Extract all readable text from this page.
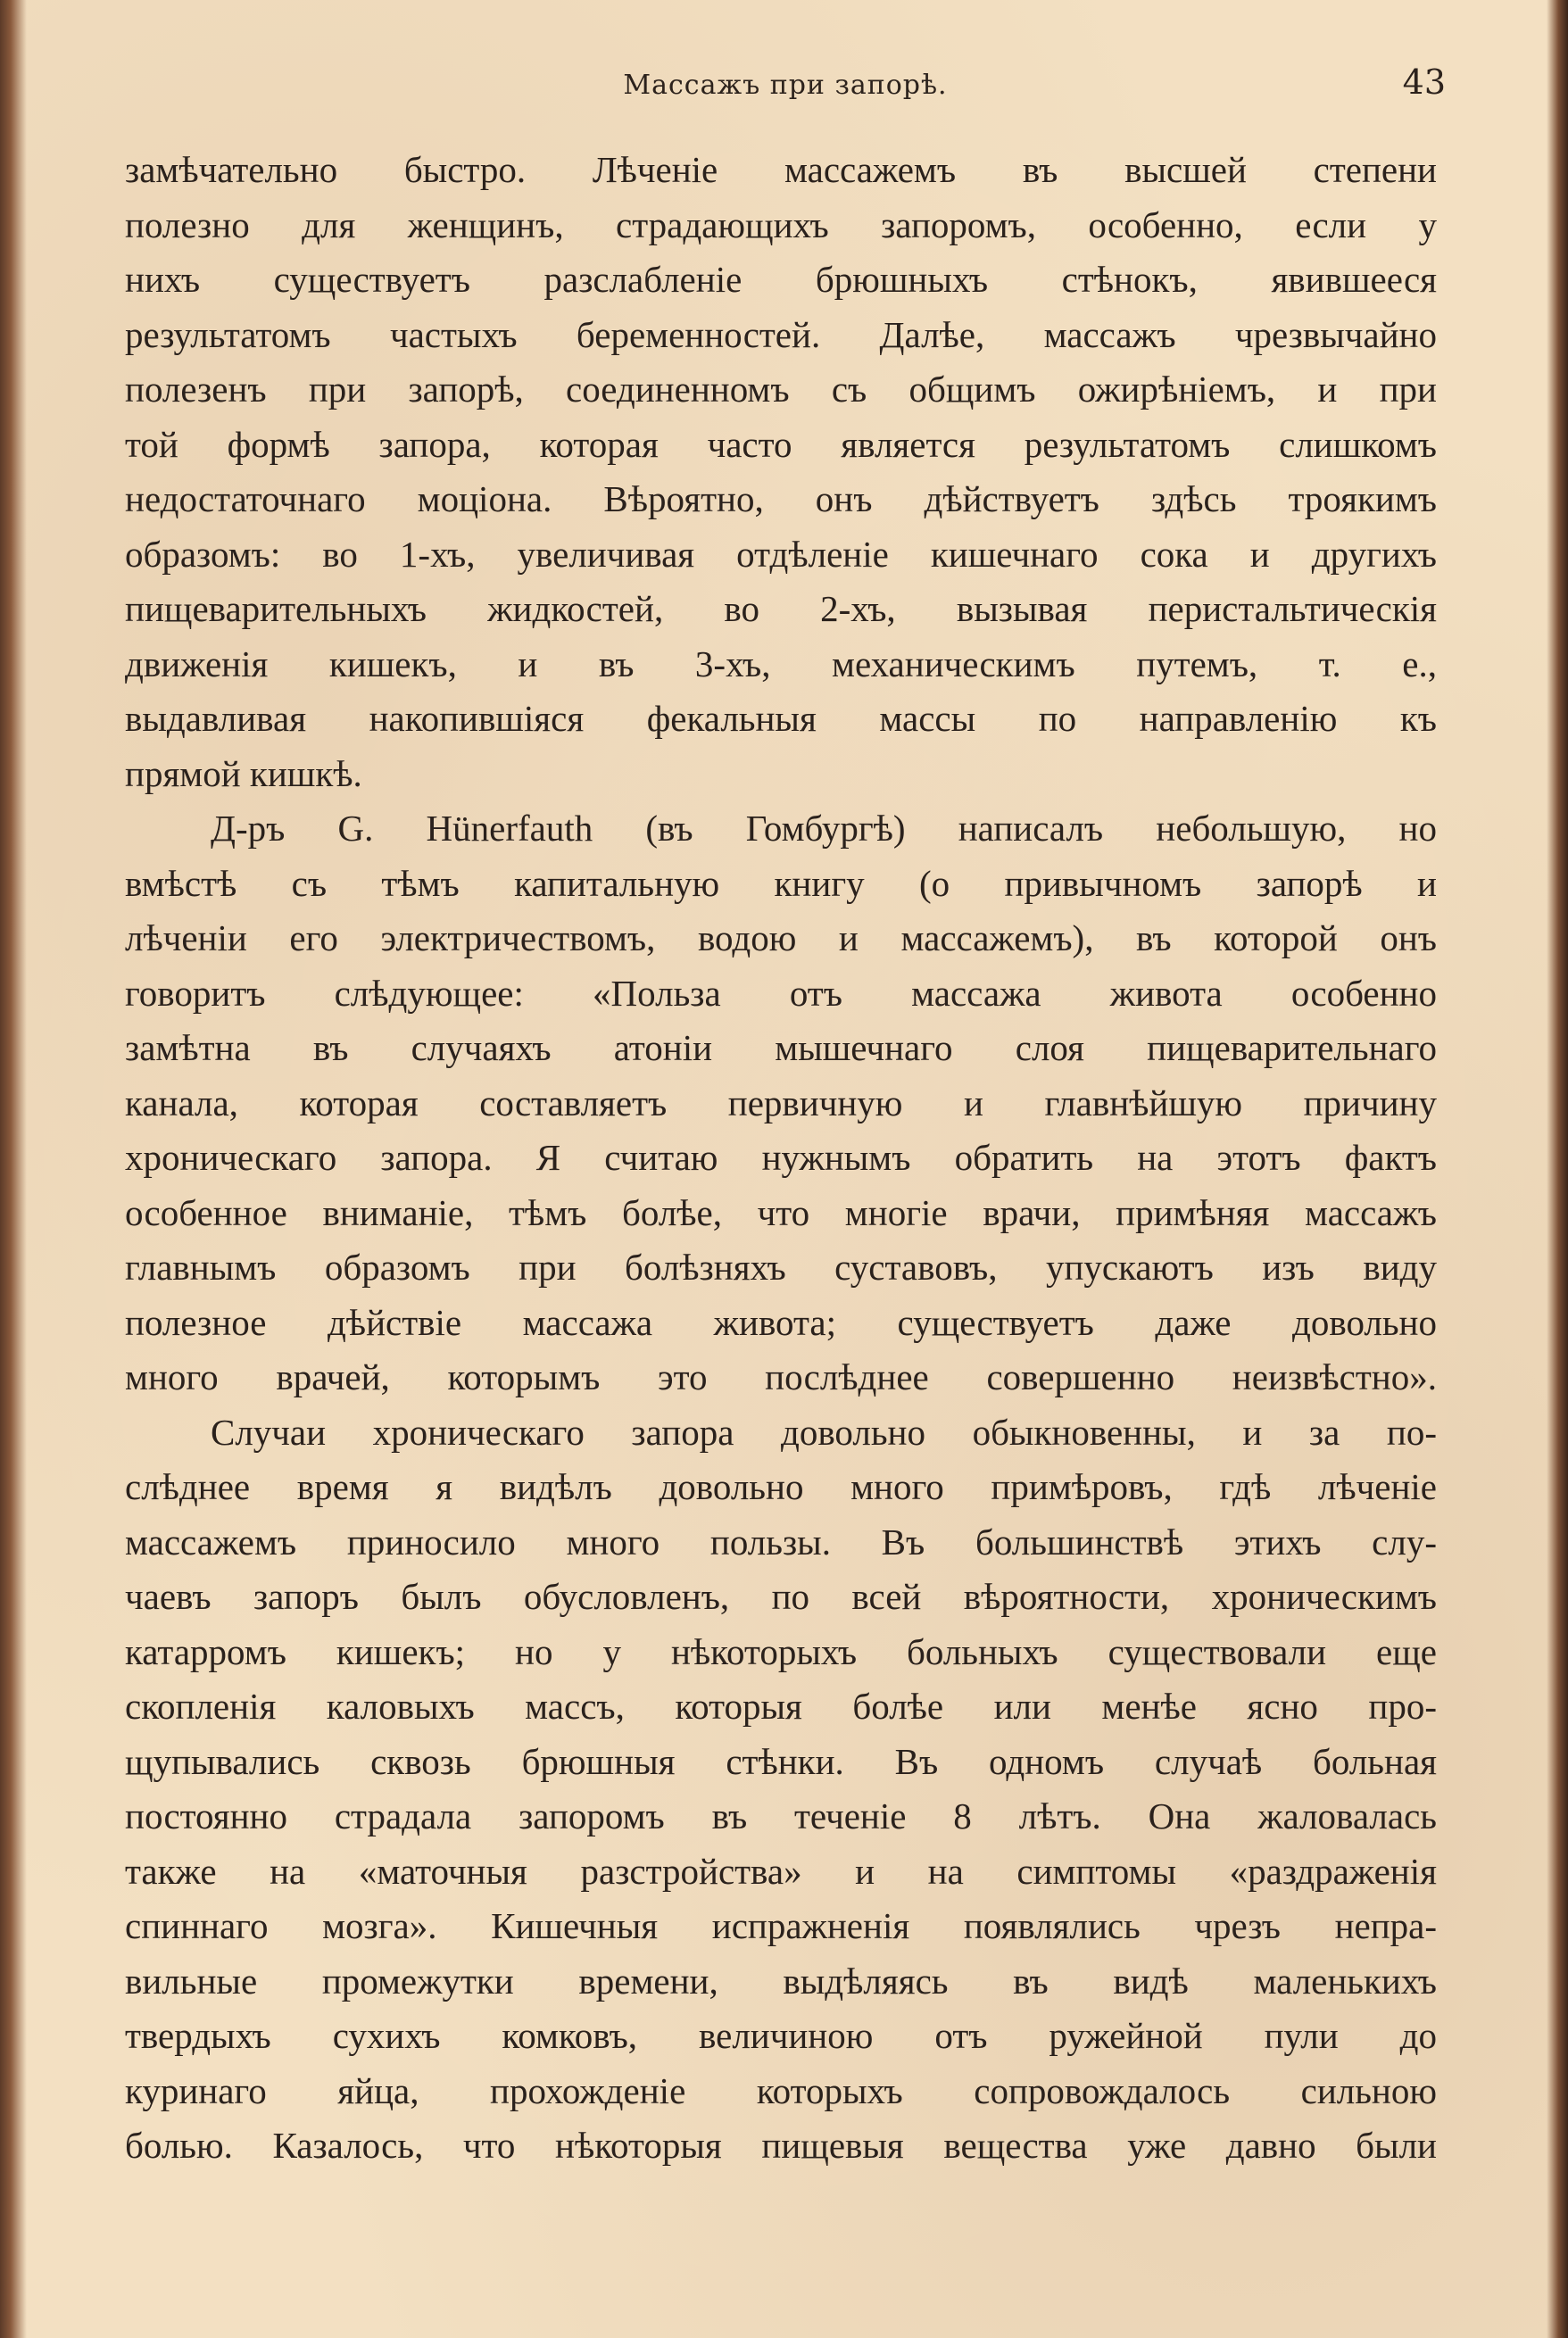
Массажъ при запорѣ.	43
замѣчательно быстро. Лѣченіе массажемъ въ высшей степени
полезно для женщинъ, страдающихъ запоромъ, особенно, если у
нихъ существуетъ разслабленіе брюшныхъ стѣнокъ, явившееся
результатомъ частыхъ беременностей. Далѣе, массажъ чрезвычайно
полезенъ при запорѣ, соединенномъ съ общимъ ожирѣніемъ, и при
той формѣ запора, которая часто является результатомъ слишкомъ
недостаточнаго моціона. Вѣроятно, онъ дѣйствуетъ здѣсь троякимъ
образомъ: во 1-хъ, увеличивая отдѣленіе кишечнаго сока и другихъ
пищеварительныхъ жидкостей, во 2-хъ, вызывая перистальтическія
движенія кишекъ, и въ 3-хъ, механическимъ путемъ, т. е.,
выдавливая накопившіяся фекальныя массы по направленію къ
прямой кишкѣ.
Д-ръ G. Hünerfauth (въ Гомбургѣ) написалъ небольшую, но
вмѣстѣ съ тѣмъ капитальную книгу (о привычномъ запорѣ и
лѣченіи его электричествомъ, водою и массажемъ), въ которой онъ
говоритъ слѣдующее: «Польза отъ массажа живота особенно
замѣтна въ случаяхъ атоніи мышечнаго слоя пищеварительнаго
канала, которая составляетъ первичную и главнѣйшую причину
хроническаго запора. Я считаю нужнымъ обратить на этотъ фактъ
особенное вниманіе, тѣмъ болѣе, что многіе врачи, примѣняя массажъ
главнымъ образомъ при болѣзняхъ суставовъ, упускаютъ изъ виду
полезное дѣйствіе массажа живота; существуетъ даже довольно
много врачей, которымъ это послѣднее совершенно неизвѣстно».
Случаи хроническаго запора довольно обыкновенны, и за по-
слѣднее время я видѣлъ довольно много примѣровъ, гдѣ лѣченіе
массажемъ приносило много пользы. Въ большинствѣ этихъ слу-
чаевъ запоръ былъ обусловленъ, по всей вѣроятности, хроническимъ
катарромъ кишекъ; но у нѣкоторыхъ больныхъ существовали еще
скопленія каловыхъ массъ, которыя болѣе или менѣе ясно про-
щупывались сквозь брюшныя стѣнки. Въ одномъ случаѣ больная
постоянно страдала запоромъ въ теченіе 8 лѣтъ. Она жаловалась
также на «маточныя разстройства» и на симптомы «раздраженія
спиннаго мозга». Кишечныя испражненія появлялись чрезъ непра-
вильные промежутки времени, выдѣляясь въ видѣ маленькихъ
твердыхъ сухихъ комковъ, величиною отъ ружейной пули до
куринаго яйца, прохожденіе которыхъ сопровождалось сильною
болью. Казалось, что нѣкоторыя пищевыя вещества уже давно были
